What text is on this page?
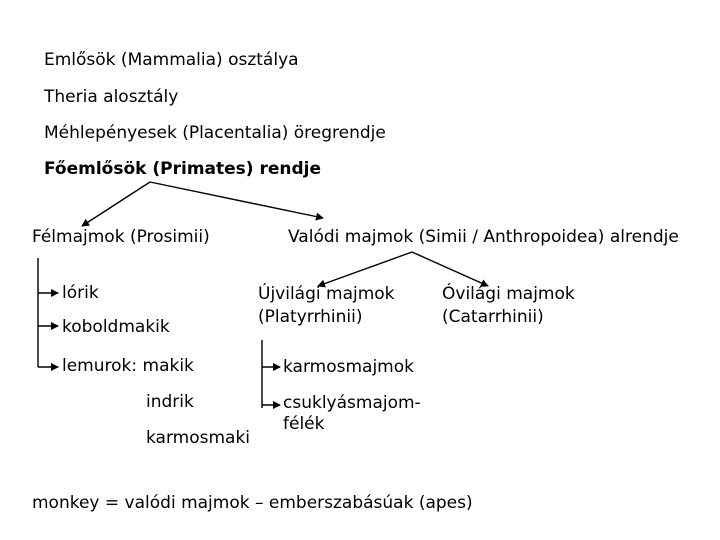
Emlősök (Mammalia) osztálya
Theria alosztály
Méhlepényesek (Placentalia) öregrendje
Főemlősök (Primates) rendje
Félmajmok (Prosimii)
lórik
koboldmakik
lemurok: makik
indrik
karmosmaki
Valódi majmok (Simii / Anthropoidea) alrendje
Újvilági majmok
(Platyrrhinii)
Óvilági majmok
(Catarrhinii)
karmosmajmok
csuklyásmajom-
félék
monkey = valódi majmok – emberszabásúak (apes)
